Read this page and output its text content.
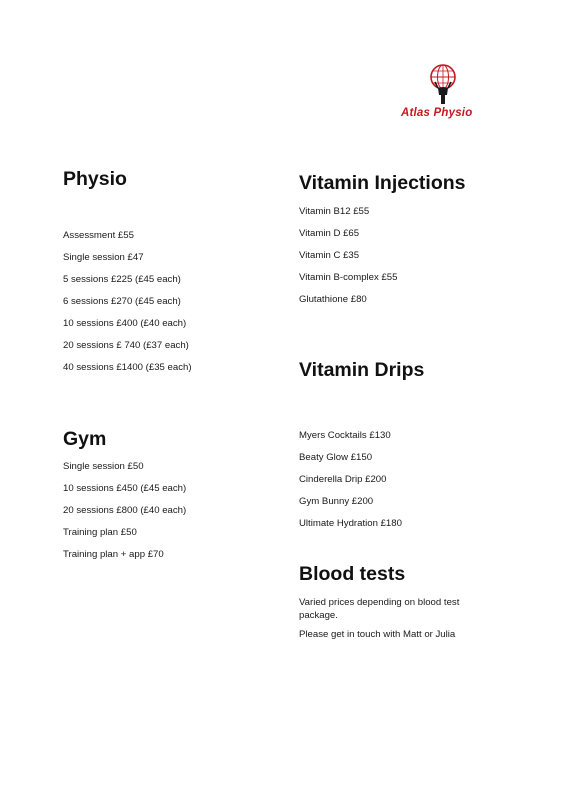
Atlas Physio
Physio
Assessment £55
Single session £47
5 sessions £225 (£45 each)
6 sessions £270 (£45 each)
10 sessions £400 (£40 each)
20 sessions £ 740 (£37 each)
40 sessions £1400 (£35 each)
Gym
Single session £50
10 sessions £450 (£45 each)
20 sessions £800 (£40 each)
Training plan £50
Training plan + app £70
Vitamin Injections
Vitamin B12 £55
Vitamin D £65
Vitamin C £35
Vitamin B-complex £55
Glutathione £80
Vitamin Drips
Myers Cocktails £130
Beaty Glow £150
Cinderella Drip £200
Gym Bunny £200
Ultimate Hydration £180
Blood tests

Varied prices depending on blood test package.

Please get in touch with Matt or Julia
